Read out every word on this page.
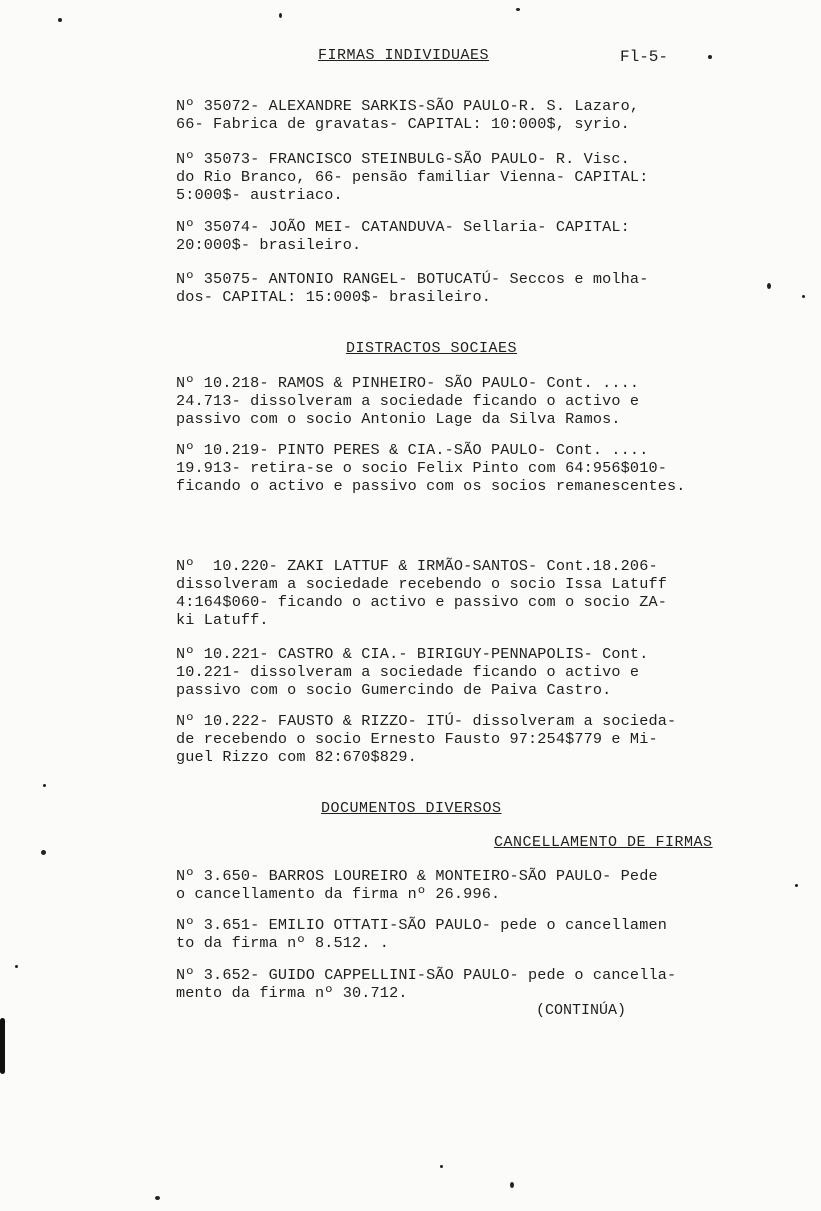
FIRMAS INDIVIDUAES	Fl-5-
Nº 35072- ALEXANDRE SARKIS-SÃO PAULO-R. S. Lazaro,
66- Fabrica de gravatas- CAPITAL: 10:000$, syrio.
Nº 35073- FRANCISCO STEINBULG-SÃO PAULO- R. Visc.
do Rio Branco, 66- pensão familiar Vienna- CAPITAL:
5:000$- austriaco.
Nº 35074- JOÃO MEI- CATANDUVA- Sellaria- CAPITAL:
20:000$- brasileiro.
Nº 35075- ANTONIO RANGEL- BOTUCATÚ- Seccos e molha-
dos- CAPITAL: 15:000$- brasileiro.
DISTRACTOS SOCIAES
Nº 10.218- RAMOS & PINHEIRO- SÃO PAULO- Cont. ....
24.713- dissolveram a sociedade ficando o activo e
passivo com o socio Antonio Lage da Silva Ramos.
Nº 10.219- PINTO PERES & CIA.-SÃO PAULO- Cont. ....
19.913- retira-se o socio Felix Pinto com 64:956$010-
ficando o activo e passivo com os socios remanescentes.
Nº  10.220- ZAKI LATTUF & IRMÃO-SANTOS- Cont.18.206-
dissolveram a sociedade recebendo o socio Issa Latuff
4:164$060- ficando o activo e passivo com o socio ZA-
ki Latuff.
Nº 10.221- CASTRO & CIA.- BIRIGUY-PENNAPOLIS- Cont.
10.221- dissolveram a sociedade ficando o activo e
passivo com o socio Gumercindo de Paiva Castro.
Nº 10.222- FAUSTO & RIZZO- ITÚ- dissolveram a socieda-
de recebendo o socio Ernesto Fausto 97:254$779 e Mi-
guel Rizzo com 82:670$829.
DOCUMENTOS DIVERSOS
CANCELLAMENTO DE FIRMAS
Nº 3.650- BARROS LOUREIRO & MONTEIRO-SÃO PAULO- Pede
o cancellamento da firma nº 26.996.
Nº 3.651- EMILIO OTTATI-SÃO PAULO- pede o cancellamen
to da firma nº 8.512. .
Nº 3.652- GUIDO CAPPELLINI-SÃO PAULO- pede o cancella-
mento da firma nº 30.712.
(CONTINÚA)
